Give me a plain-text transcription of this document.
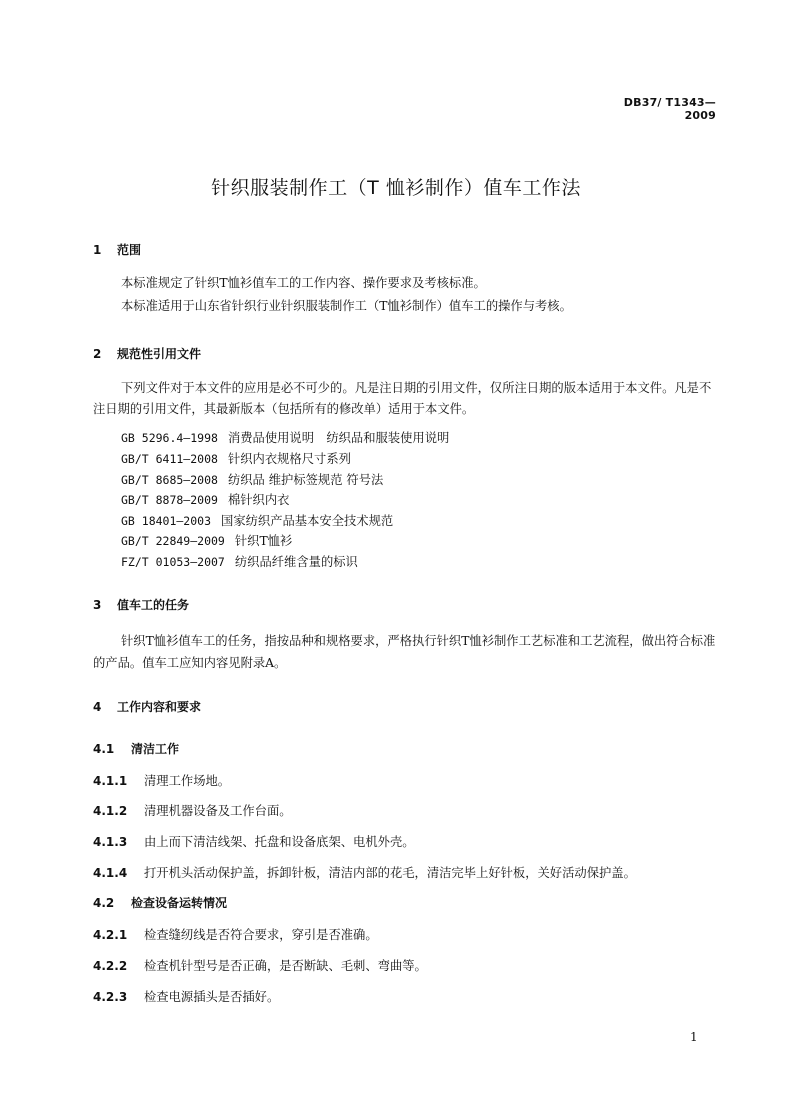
DB37/ T1343—2009
针织服装制作工（T 恤衫制作）值车工作法
1 范围
本标准规定了针织T恤衫值车工的工作内容、操作要求及考核标准。
本标准适用于山东省针织行业针织服装制作工（T恤衫制作）值车工的操作与考核。
2 规范性引用文件
下列文件对于本文件的应用是必不可少的。凡是注日期的引用文件，仅所注日期的版本适用于本文件。凡是不注日期的引用文件，其最新版本（包括所有的修改单）适用于本文件。
GB 5296.4—1998 消费品使用说明　纺织品和服装使用说明
GB/T 6411—2008 针织内衣规格尺寸系列
GB/T 8685—2008 纺织品 维护标签规范 符号法
GB/T 8878—2009 棉针织内衣
GB 18401—2003 国家纺织产品基本安全技术规范
GB/T 22849—2009 针织T恤衫
FZ/T 01053—2007 纺织品纤维含量的标识
3 值车工的任务
针织T恤衫值车工的任务，指按品种和规格要求，严格执行针织T恤衫制作工艺标准和工艺流程，做出符合标准的产品。值车工应知内容见附录A。
4 工作内容和要求
4.1 清洁工作
4.1.1 清理工作场地。
4.1.2 清理机器设备及工作台面。
4.1.3 由上而下清洁线架、托盘和设备底架、电机外壳。
4.1.4 打开机头活动保护盖，拆卸针板，清洁内部的花毛，清洁完毕上好针板，关好活动保护盖。
4.2 检查设备运转情况
4.2.1 检查缝纫线是否符合要求，穿引是否准确。
4.2.2 检查机针型号是否正确，是否断缺、毛刺、弯曲等。
4.2.3 检查电源插头是否插好。
1
